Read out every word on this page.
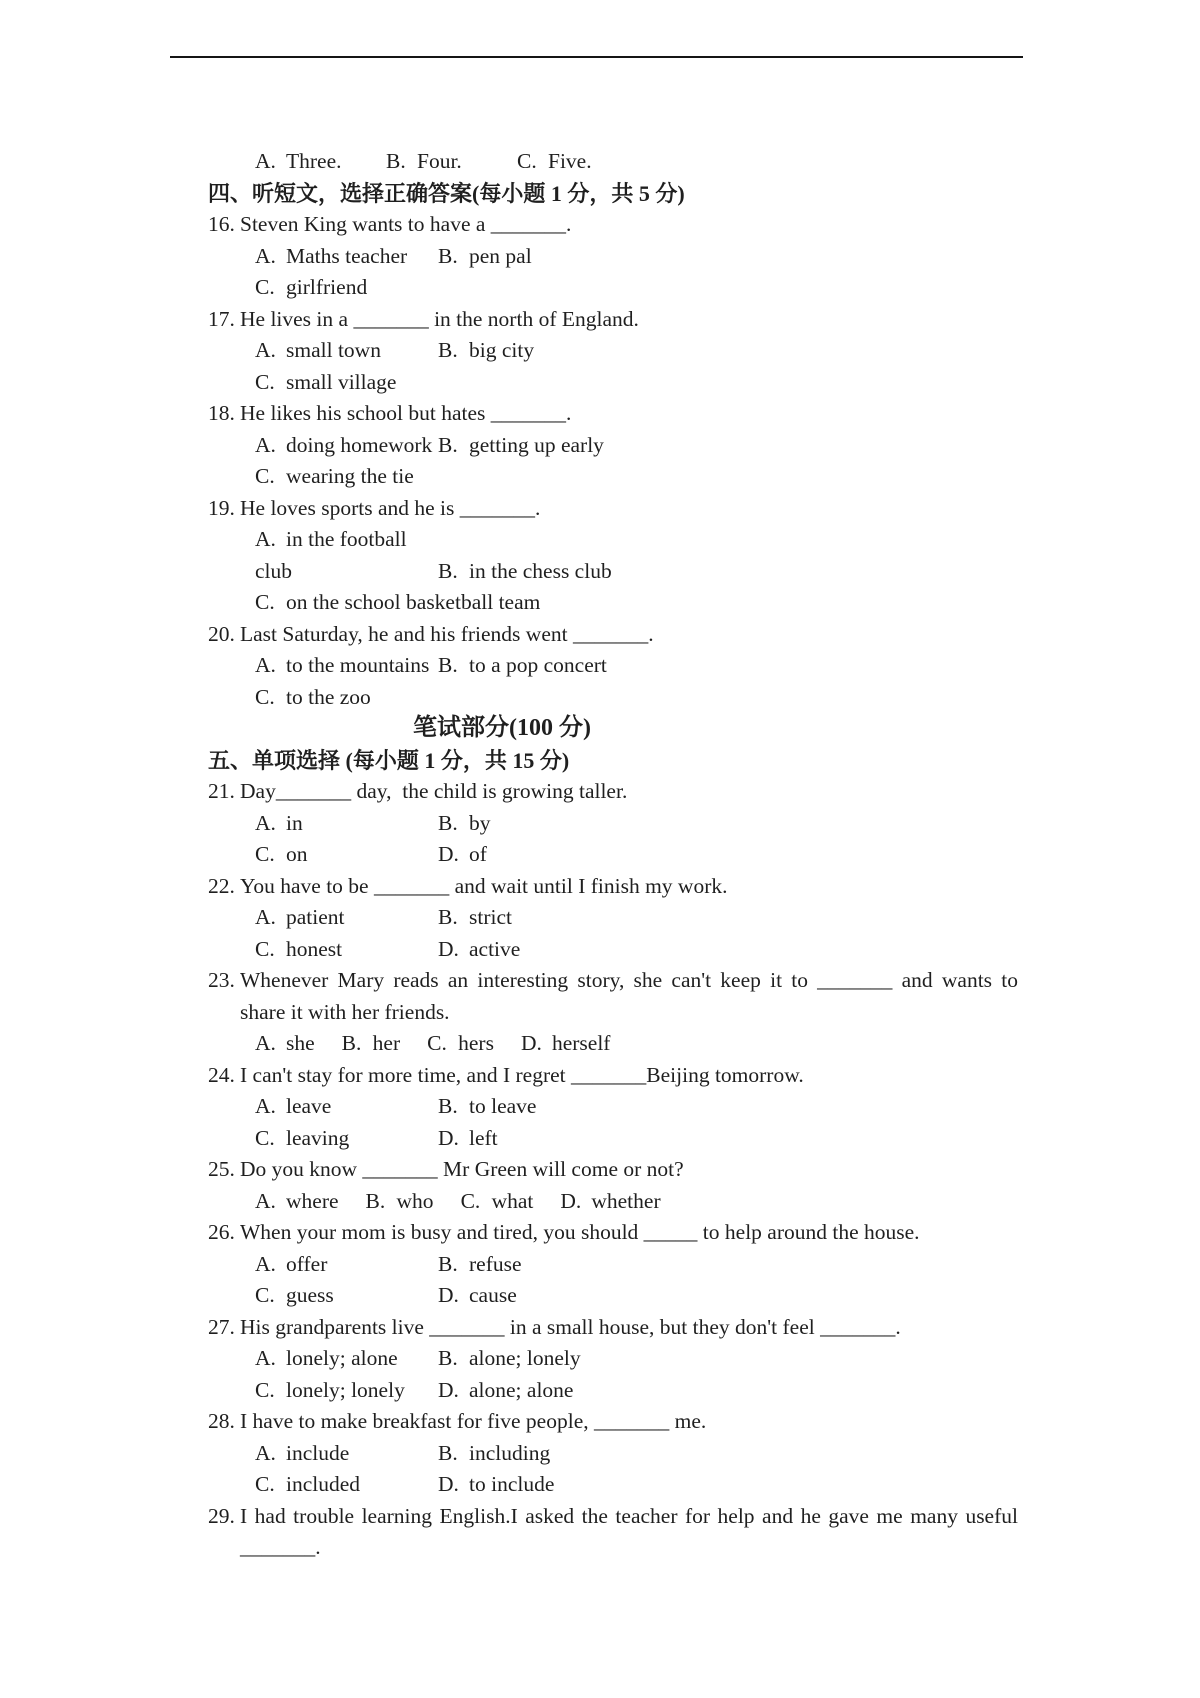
A. Three. B. Four.	C. Five.
四、听短文，选择正确答案(每小题 1 分，共 5 分)
16. Steven King wants to have a _______.
A. Maths teacher B. pen pal
C. girlfriend
17. He lives in a _______ in the north of England.
A. small town	B. big city
C. small village
18. He likes his school but hates _______.
A. doing homework B. getting up early
C. wearing the tie
19. He loves sports and he is _______.
A. in the football club	B. in the chess club
C. on the school basketball team
20. Last Saturday, he and his friends went _______.
A. to the mountains B. to a pop concert
C. to the zoo
笔试部分(100 分)
五、单项选择 (每小题 1 分，共 15 分)
21. Day_______ day,  the child is growing taller.
A. in	B. by
C. on	D. of
22. You have to be _______ and wait until I finish my work.
A. patient	B. strict
C. honest	D. active
23. Whenever Mary reads an interesting story, she can't keep it to _______ and wants to
share it with her friends.
A. she B. her C. hers D. herself
24. I can't stay for more time, and I regret _______Beijing tomorrow.
A. leave	B. to leave
C. leaving	D. left
25. Do you know _______ Mr Green will come or not?
A. where B. who C. what D. whether
26. When your mom is busy and tired, you should _____ to help around the house.
A. offer	B. refuse
C. guess	D. cause
27. His grandparents live _______ in a small house, but they don't feel _______.
A. lonely; alone B. alone; lonely
C. lonely; lonely D. alone; alone
28. I have to make breakfast for five people, _______ me.
A. include	B. including
C. included	D. to include
29. I had trouble learning English.I asked the teacher for help and he gave me many useful
_______.
